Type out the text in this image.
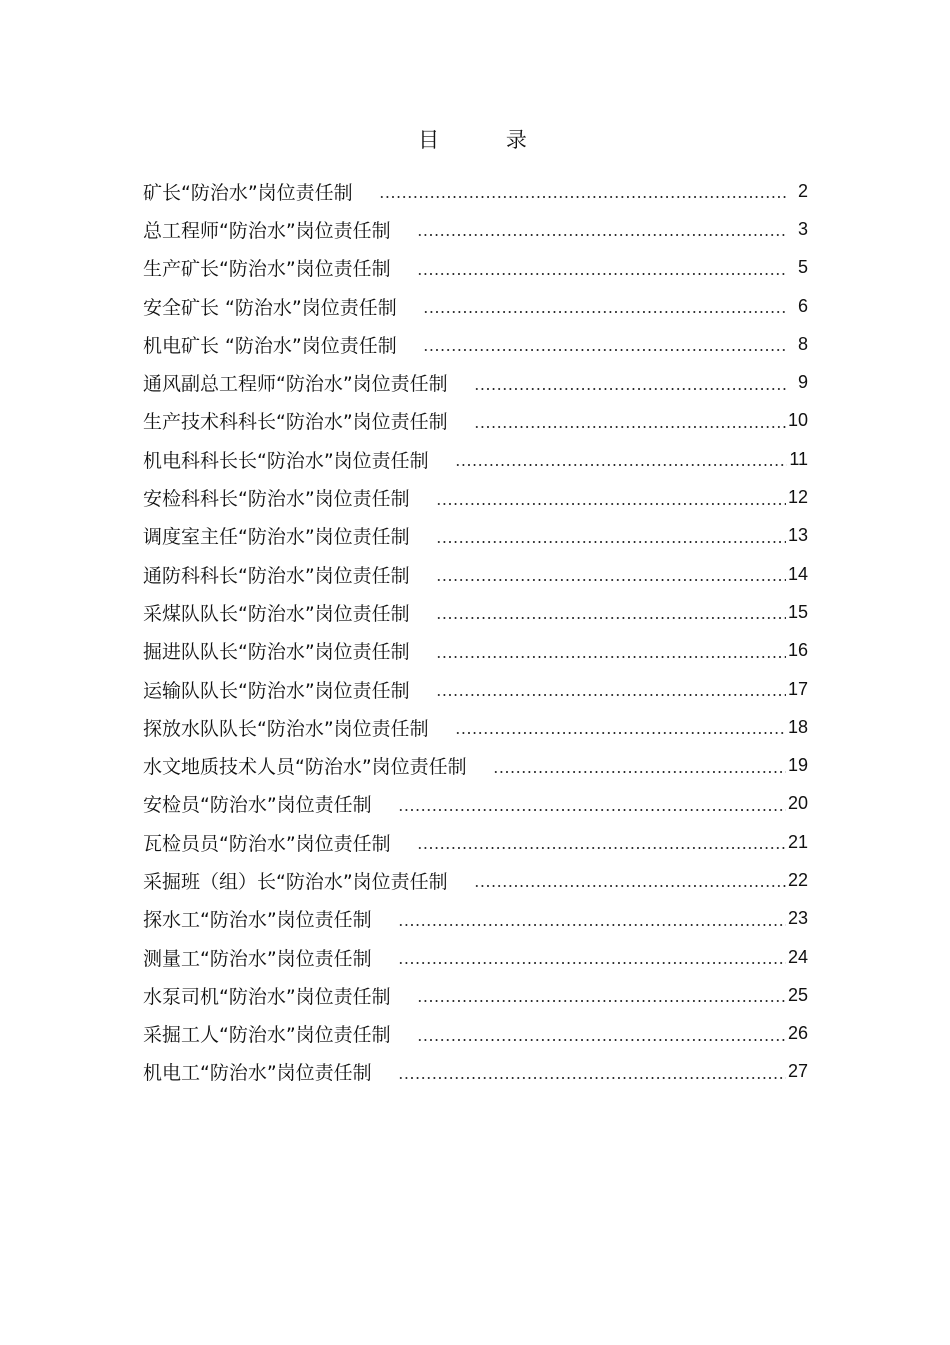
目 录
矿长“防治水”岗位责任制	2
总工程师“防治水”岗位责任制	3
生产矿长“防治水”岗位责任制	5
安全矿长 “防治水”岗位责任制	6
机电矿长 “防治水”岗位责任制	8
通风副总工程师“防治水”岗位责任制	9
生产技术科科长“防治水”岗位责任制	10
机电科科长长“防治水”岗位责任制	11
安检科科长“防治水”岗位责任制	12
调度室主任“防治水”岗位责任制	13
通防科科长“防治水”岗位责任制	14
采煤队队长“防治水”岗位责任制	15
掘进队队长“防治水”岗位责任制	16
运输队队长“防治水”岗位责任制	17
探放水队队长“防治水”岗位责任制	18
水文地质技术人员“防治水”岗位责任制	19
安检员“防治水”岗位责任制	20
瓦检员员“防治水”岗位责任制	21
采掘班（组）长“防治水”岗位责任制	22
探水工“防治水”岗位责任制	23
测量工“防治水”岗位责任制	24
水泵司机“防治水”岗位责任制	25
采掘工人“防治水”岗位责任制	26
机电工“防治水”岗位责任制	27
